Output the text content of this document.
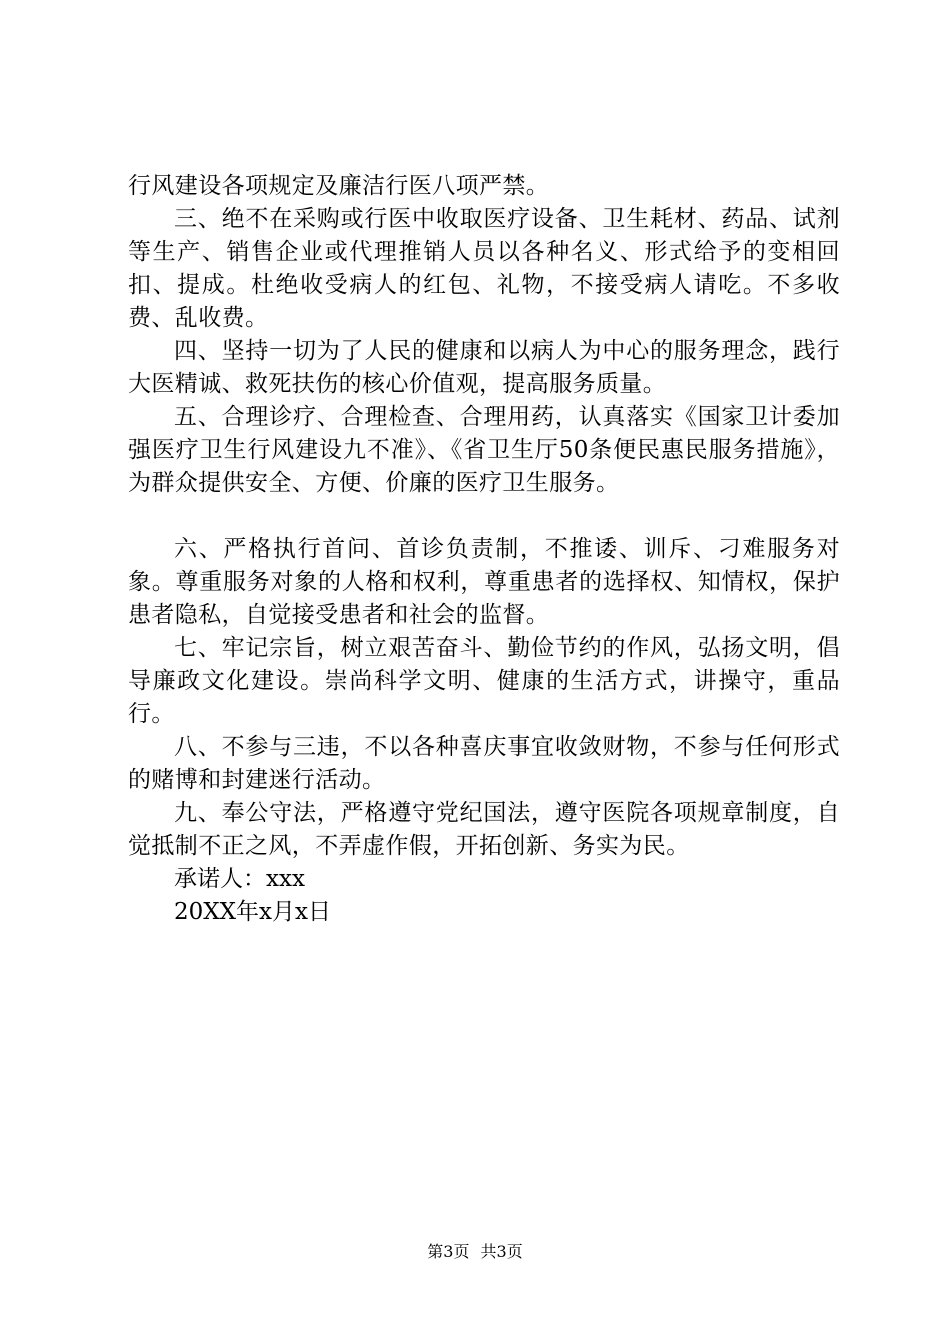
行风建设各项规定及廉洁行医八项严禁。

三、绝不在采购或行医中收取医疗设备、卫生耗材、药品、试剂等生产、销售企业或代理推销人员以各种名义、形式给予的变相回扣、提成。杜绝收受病人的红包、礼物，不接受病人请吃。不多收费、乱收费。

四、坚持一切为了人民的健康和以病人为中心的服务理念，践行大医精诚、救死扶伤的核心价值观，提高服务质量。

五、合理诊疗、合理检查、合理用药，认真落实《国家卫计委加强医疗卫生行风建设九不准》、《省卫生厅50条便民惠民服务措施》，为群众提供安全、方便、价廉的医疗卫生服务。

六、严格执行首问、首诊负责制，不推诿、训斥、刁难服务对象。尊重服务对象的人格和权利，尊重患者的选择权、知情权，保护患者隐私，自觉接受患者和社会的监督。

七、牢记宗旨，树立艰苦奋斗、勤俭节约的作风，弘扬文明，倡导廉政文化建设。崇尚科学文明、健康的生活方式，讲操守，重品行。

八、不参与三违，不以各种喜庆事宜收敛财物，不参与任何形式的赌博和封建迷行活动。

九、奉公守法，严格遵守党纪国法，遵守医院各项规章制度，自觉抵制不正之风，不弄虚作假，开拓创新、务实为民。

承诺人：xxx

20XX年x月x日

第3页 共3页
